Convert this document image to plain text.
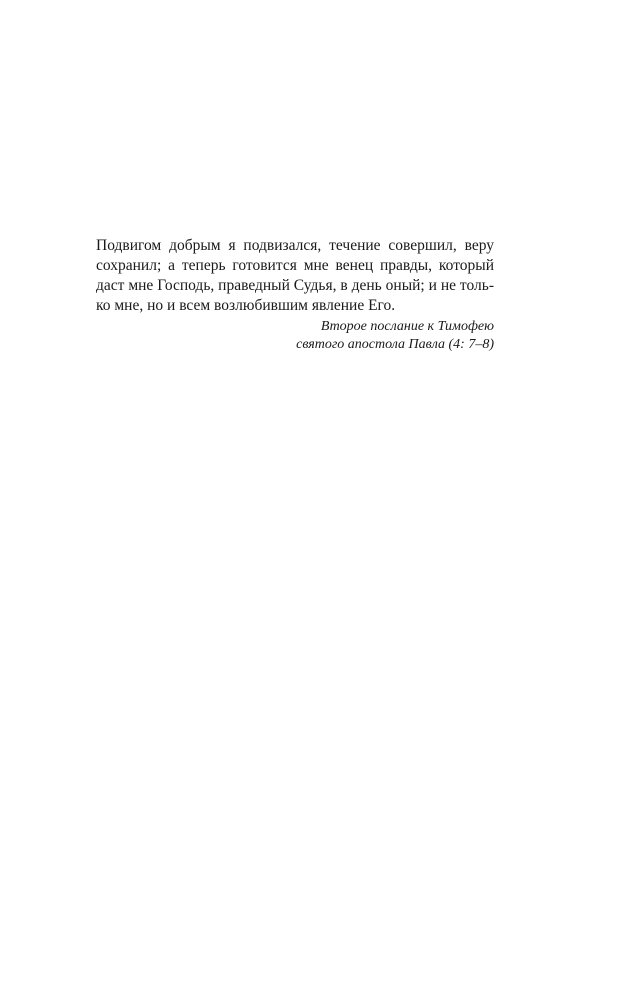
Подвигом добрым я подвизался, течение совершил, веру
сохранил; а теперь готовится мне венец правды, который
даст мне Господь, праведный Судья, в день оный; и не толь-
ко мне, но и всем возлюбившим явление Его.

Второе послание к Тимофею
святого апостола Павла (4: 7–8)
